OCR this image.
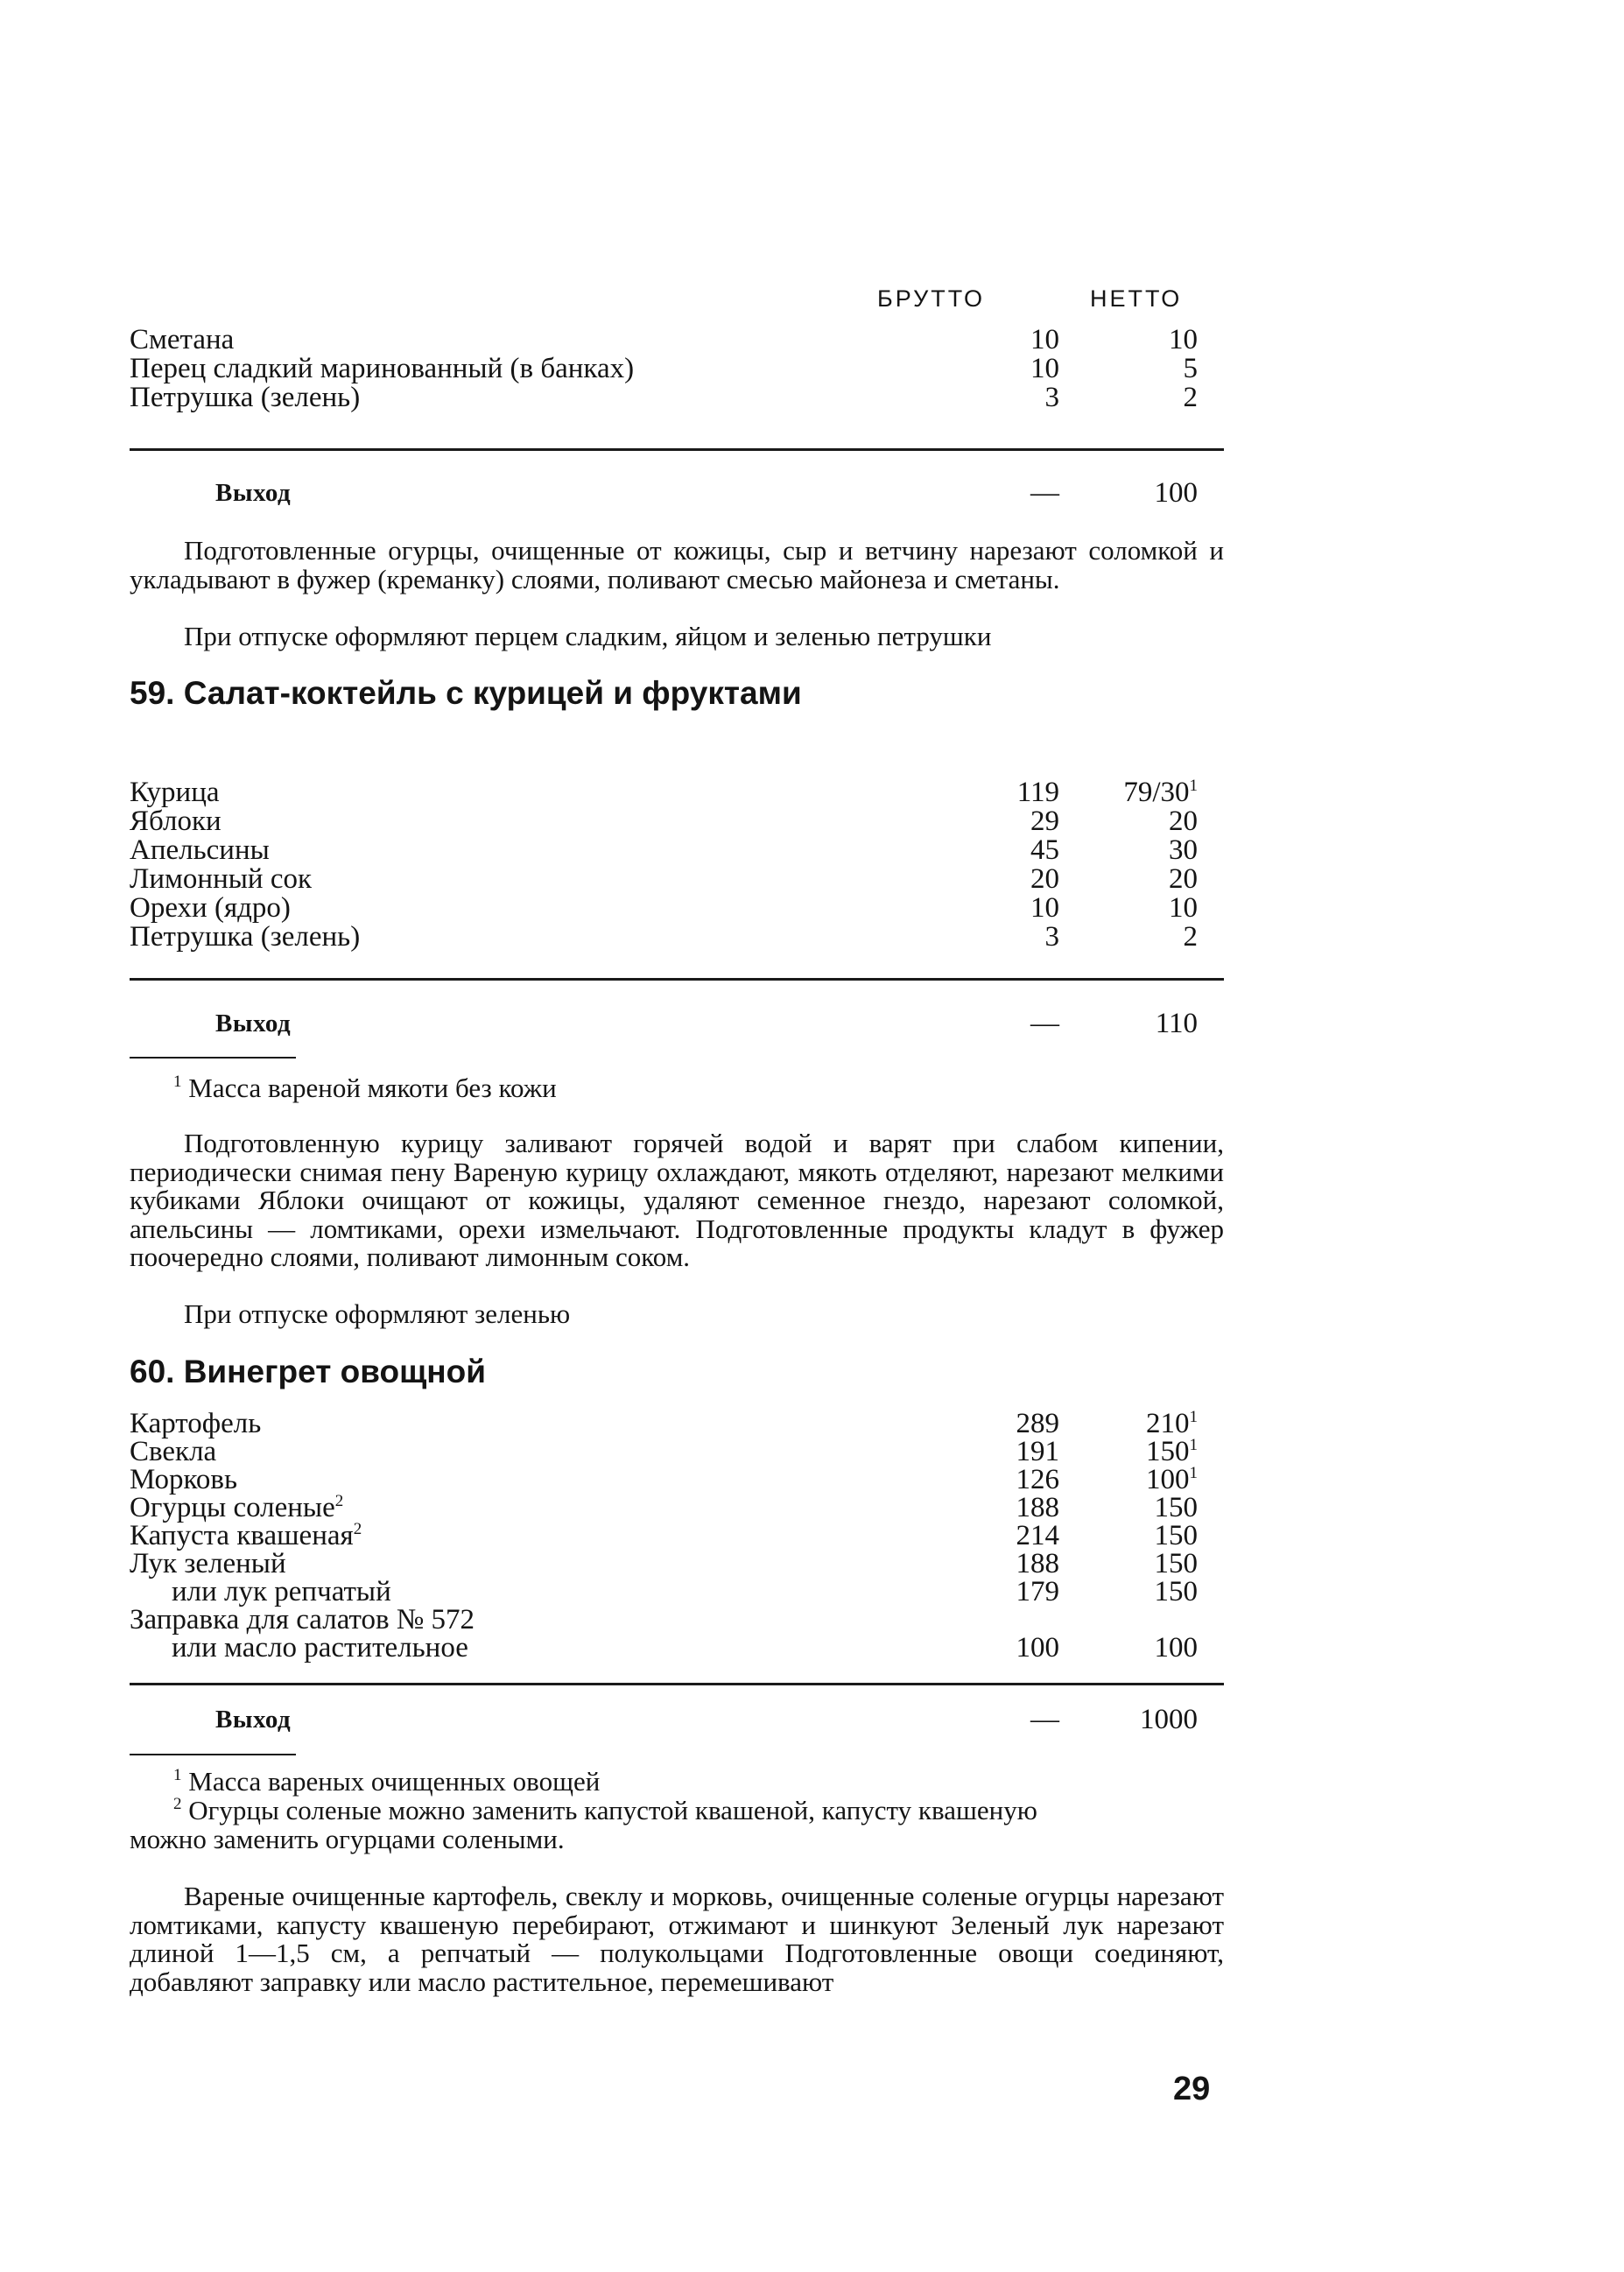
БРУТТО	НЕТТО
Сметана	10	10
Перец сладкий маринованный (в банках)	10	5
Петрушка (зелень)	3	2
Выход	—	100
Подготовленные огурцы, очищенные от кожицы, сыр и ветчину нарезают соломкой и укладывают в фужер (креманку) слоями, поливают смесью майонеза и сметаны.
При отпуске оформляют перцем сладким, яйцом и зеленью петрушки
59. Салат-коктейль с курицей и фруктами
Курица	119	$79/30^1$
Яблоки	29	20
Апельсины	45	30
Лимонный сок	20	20
Орехи (ядро)	10	10
Петрушка (зелень)	3	2
Выход	—	110
$^1$ Масса вареной мякоти без кожи
Подготовленную курицу заливают горячей водой и варят при слабом кипении, периодически снимая пену Вареную курицу охлаждают, мякоть отделяют, нарезают мелкими кубиками Яблоки очищают от кожицы, удаляют семенное гнездо, нарезают соломкой, апельсины — ломтиками, орехи измельчают. Подготовленные продукты кладут в фужер поочередно слоями, поливают лимонным соком.
При отпуске оформляют зеленью
60. Винегрет овощной
Картофель	289	$210^1$
Свекла	191	$150^1$
Морковь	126	$100^1$
Огурцы соленые$^2$	188	150
Капуста квашеная$^2$	214	150
Лук зеленый	188	150
или лук репчатый	179	150
Заправка для салатов № 572
или масло растительное	100	100
Выход	—	1000
$^1$ Масса вареных очищенных овощей
$^2$ Огурцы соленые можно заменить капустой квашеной, капусту квашеную
можно заменить огурцами солеными.
Вареные очищенные картофель, свеклу и морковь, очищенные соленые огурцы нарезают ломтиками, капусту квашеную перебирают, отжимают и шинкуют Зеленый лук нарезают длиной 1—1,5 см, а репчатый — полукольцами Подготовленные овощи соединяют, добавляют заправку или масло растительное, перемешивают
29
